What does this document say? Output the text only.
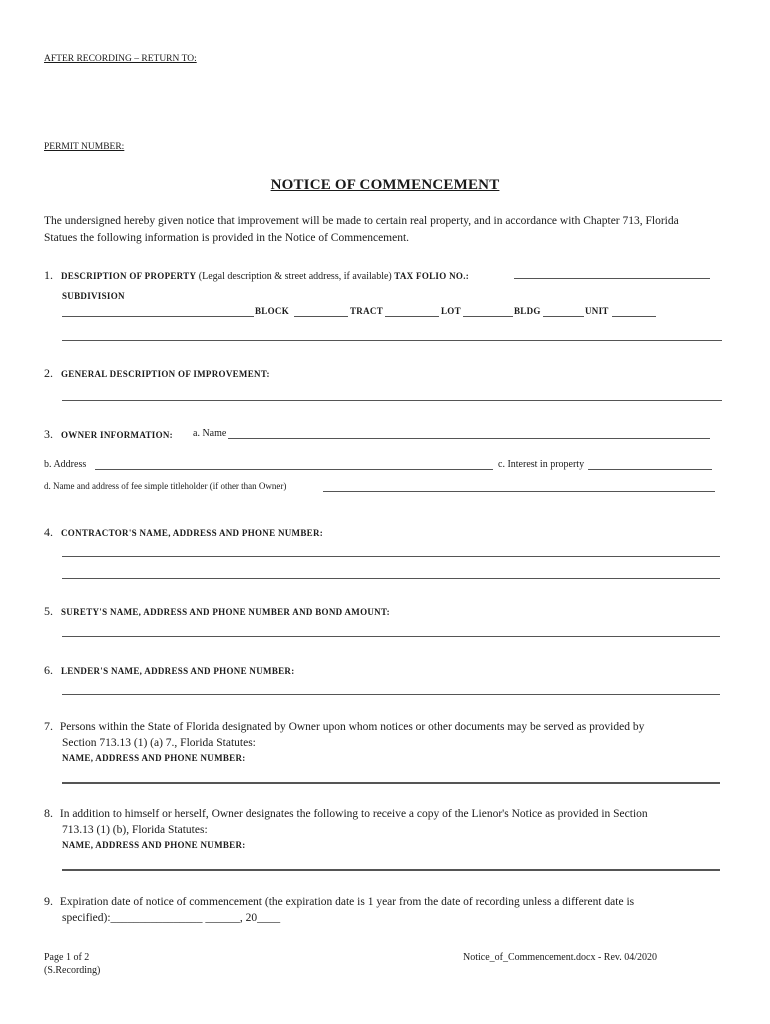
AFTER RECORDING – RETURN TO:
PERMIT NUMBER:
NOTICE OF COMMENCEMENT
The undersigned hereby given notice that improvement will be made to certain real property, and in accordance with Chapter 713, Florida Statues the following information is provided in the Notice of Commencement.
1. DESCRIPTION OF PROPERTY (Legal description & street address, if available) TAX FOLIO NO.:
SUBDIVISION
BLOCK	TRACT	LOT	BLDG	UNIT
2. GENERAL DESCRIPTION OF IMPROVEMENT:
3. OWNER INFORMATION: a. Name
b. Address	c. Interest in property
d. Name and address of fee simple titleholder (if other than Owner)
4. CONTRACTOR'S NAME, ADDRESS AND PHONE NUMBER:
5. SURETY'S NAME, ADDRESS AND PHONE NUMBER AND BOND AMOUNT:
6. LENDER'S NAME, ADDRESS AND PHONE NUMBER:
7. Persons within the State of Florida designated by Owner upon whom notices or other documents may be served as provided by
Section 713.13 (1) (a) 7., Florida Statutes:
NAME, ADDRESS AND PHONE NUMBER:
8. In addition to himself or herself, Owner designates the following to receive a copy of the Lienor's Notice as provided in Section
713.13 (1) (b), Florida Statutes:
NAME, ADDRESS AND PHONE NUMBER:
9. Expiration date of notice of commencement (the expiration date is 1 year from the date of recording unless a different date is
specified):________________ ______, 20____
Page 1 of 2
(S.Recording)
Notice_of_Commencement.docx - Rev. 04/2020
